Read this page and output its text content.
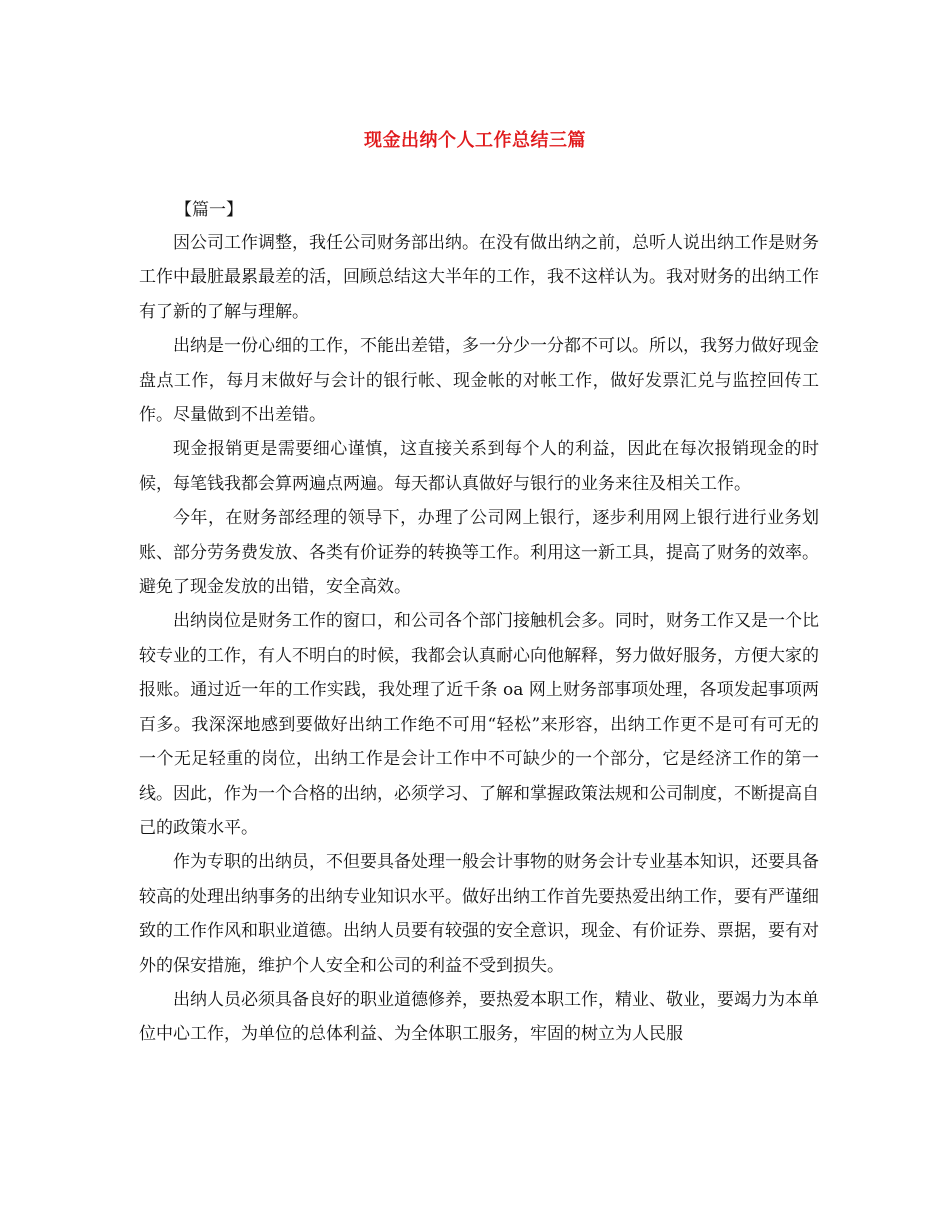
现金出纳个人工作总结三篇
【篇一】

因公司工作调整，我任公司财务部出纳。在没有做出纳之前，总听人说出纳工作是财务工作中最脏最累最差的活，回顾总结这大半年的工作，我不这样认为。我对财务的出纳工作有了新的了解与理解。

出纳是一份心细的工作，不能出差错，多一分少一分都不可以。所以，我努力做好现金盘点工作，每月末做好与会计的银行帐、现金帐的对帐工作，做好发票汇兑与监控回传工作。尽量做到不出差错。

现金报销更是需要细心谨慎，这直接关系到每个人的利益，因此在每次报销现金的时候，每笔钱我都会算两遍点两遍。每天都认真做好与银行的业务来往及相关工作。

今年，在财务部经理的领导下，办理了公司网上银行，逐步利用网上银行进行业务划账、部分劳务费发放、各类有价证券的转换等工作。利用这一新工具，提高了财务的效率。避免了现金发放的出错，安全高效。

出纳岗位是财务工作的窗口，和公司各个部门接触机会多。同时，财务工作又是一个比较专业的工作，有人不明白的时候，我都会认真耐心向他解释，努力做好服务，方便大家的报账。通过近一年的工作实践，我处理了近千条 oa 网上财务部事项处理，各项发起事项两百多。我深深地感到要做好出纳工作绝不可用“轻松”来形容，出纳工作更不是可有可无的一个无足轻重的岗位，出纳工作是会计工作中不可缺少的一个部分，它是经济工作的第一线。因此，作为一个合格的出纳，必须学习、了解和掌握政策法规和公司制度，不断提高自己的政策水平。

作为专职的出纳员，不但要具备处理一般会计事物的财务会计专业基本知识，还要具备较高的处理出纳事务的出纳专业知识水平。做好出纳工作首先要热爱出纳工作，要有严谨细致的工作作风和职业道德。出纳人员要有较强的安全意识，现金、有价证券、票据，要有对外的保安措施，维护个人安全和公司的利益不受到损失。

出纳人员必须具备良好的职业道德修养，要热爱本职工作，精业、敬业，要竭力为本单位中心工作，为单位的总体利益、为全体职工服务，牢固的树立为人民服
